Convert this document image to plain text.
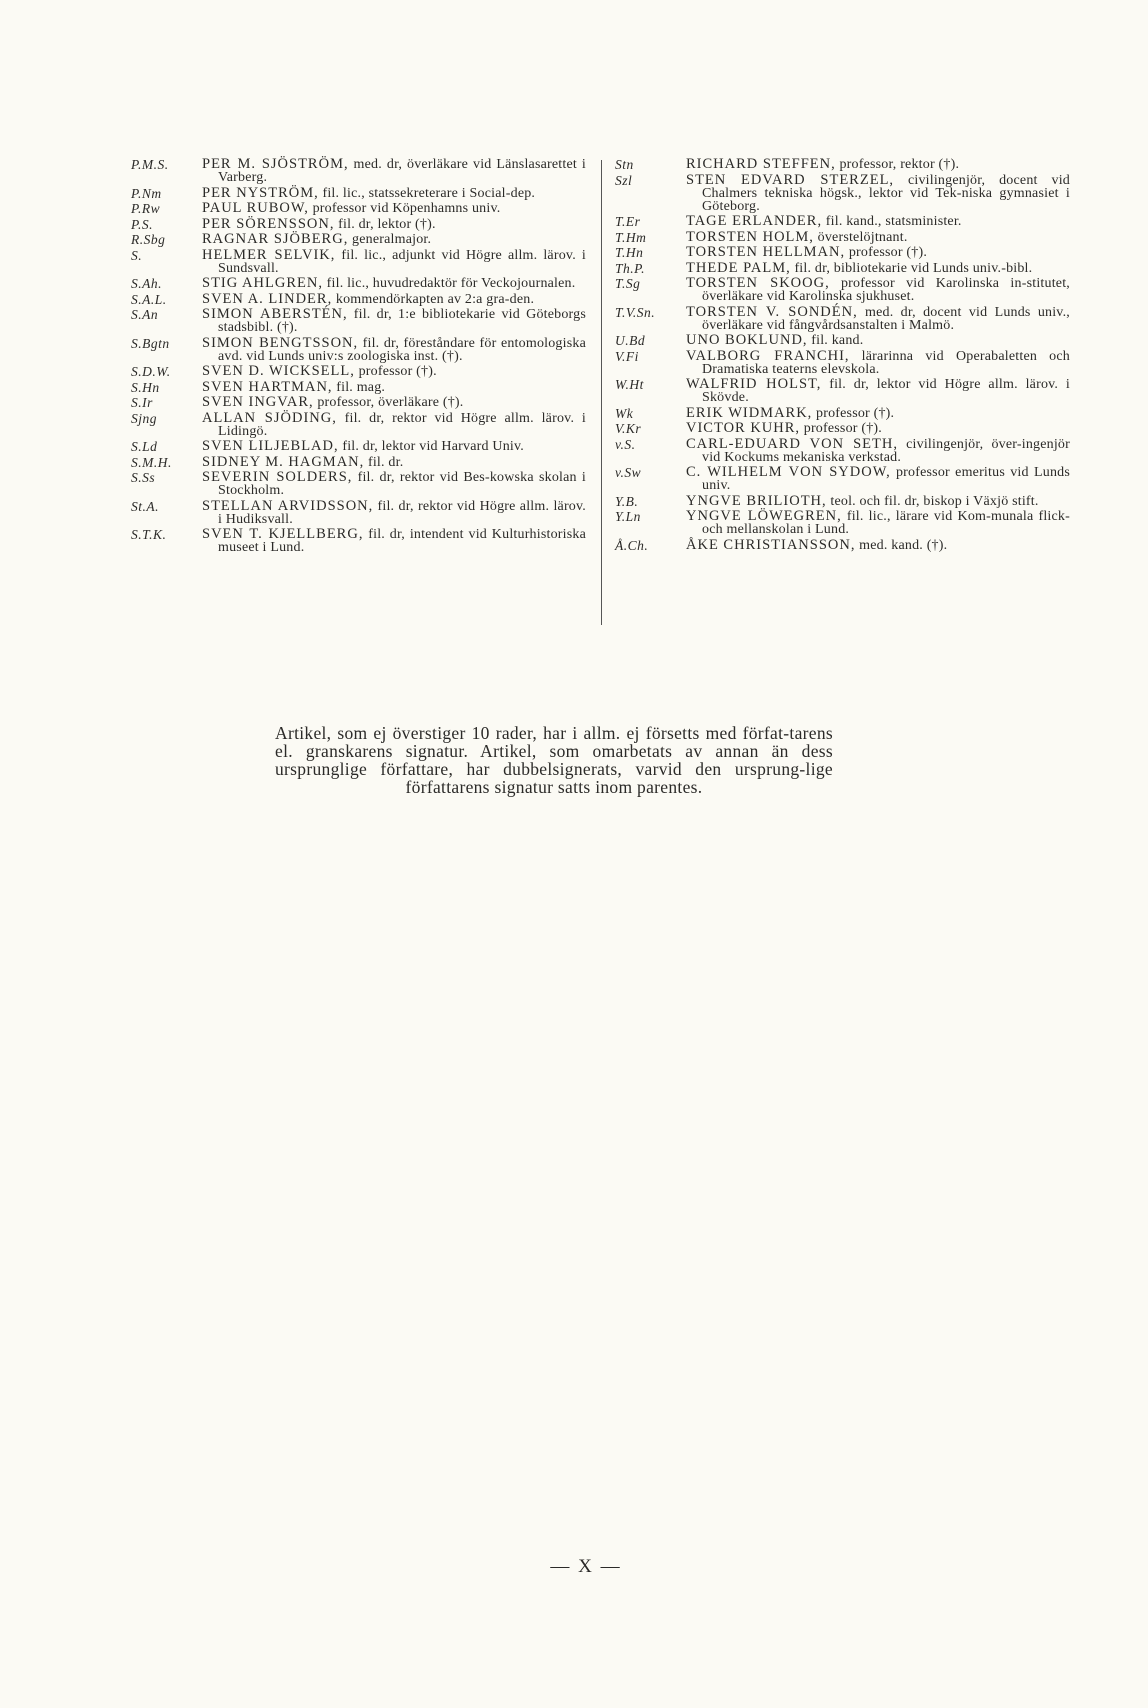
P.M.S.	PER M. SJÖSTRÖM, med. dr, överläkare vid Länslasarettet i Varberg.
P.Nm	PER NYSTRÖM, fil. lic., statssekreterare i Social-dep.
P.Rw	PAUL RUBOW, professor vid Köpenhamns univ.
P.S.	PER SÖRENSSON, fil. dr, lektor (†).
R.Sbg	RAGNAR SJÖBERG, generalmajor.
S.	HELMER SELVIK, fil. lic., adjunkt vid Högre allm. lärov. i Sundsvall.
S.Ah.	STIG AHLGREN, fil. lic., huvudredaktör för Veckojournalen.
S.A.L.	SVEN A. LINDER, kommendörkapten av 2:a gra-den.
S.An	SIMON ABERSTÉN, fil. dr, 1:e bibliotekarie vid Göteborgs stadsbibl. (†).
S.Bgtn	SIMON BENGTSSON, fil. dr, föreståndare för entomologiska avd. vid Lunds univ:s zoologiska inst. (†).
S.D.W.	SVEN D. WICKSELL, professor (†).
S.Hn	SVEN HARTMAN, fil. mag.
S.Ir	SVEN INGVAR, professor, överläkare (†).
Sjng	ALLAN SJÖDING, fil. dr, rektor vid Högre allm. lärov. i Lidingö.
S.Ld	SVEN LILJEBLAD, fil. dr, lektor vid Harvard Univ.
S.M.H.	SIDNEY M. HAGMAN, fil. dr.
S.Ss	SEVERIN SOLDERS, fil. dr, rektor vid Bes-kowska skolan i Stockholm.
St.A.	STELLAN ARVIDSSON, fil. dr, rektor vid Högre allm. lärov. i Hudiksvall.
S.T.K.	SVEN T. KJELLBERG, fil. dr, intendent vid Kulturhistoriska museet i Lund.
Stn	RICHARD STEFFEN, professor, rektor (†).
Szl	STEN EDVARD STERZEL, civilingenjör, docent vid Chalmers tekniska högsk., lektor vid Tek-niska gymnasiet i Göteborg.
T.Er	TAGE ERLANDER, fil. kand., statsminister.
T.Hm	TORSTEN HOLM, överstelöjtnant.
T.Hn	TORSTEN HELLMAN, professor (†).
Th.P.	THEDE PALM, fil. dr, bibliotekarie vid Lunds univ.-bibl.
T.Sg	TORSTEN SKOOG, professor vid Karolinska in-stitutet, överläkare vid Karolinska sjukhuset.
T.V.Sn.	TORSTEN V. SONDÉN, med. dr, docent vid Lunds univ., överläkare vid fångvårdsanstalten i Malmö.
U.Bd	UNO BOKLUND, fil. kand.
V.Fi	VALBORG FRANCHI, lärarinna vid Operabaletten och Dramatiska teaterns elevskola.
W.Ht	WALFRID HOLST, fil. dr, lektor vid Högre allm. lärov. i Skövde.
Wk	ERIK WIDMARK, professor (†).
V.Kr	VICTOR KUHR, professor (†).
v.S.	CARL-EDUARD VON SETH, civilingenjör, över-ingenjör vid Kockums mekaniska verkstad.
v.Sw	C. WILHELM VON SYDOW, professor emeritus vid Lunds univ.
Y.B.	YNGVE BRILIOTH, teol. och fil. dr, biskop i Växjö stift.
Y.Ln	YNGVE LÖWEGREN, fil. lic., lärare vid Kom-munala flick- och mellanskolan i Lund.
Å.Ch.	ÅKE CHRISTIANSSON, med. kand. (†).

Artikel, som ej överstiger 10 rader, har i allm. ej försetts med förfat-tarens el. granskarens signatur. Artikel, som omarbetats av annan än dess ursprunglige författare, har dubbelsignerats, varvid den ursprung-lige författarens signatur satts inom parentes.

— X —
